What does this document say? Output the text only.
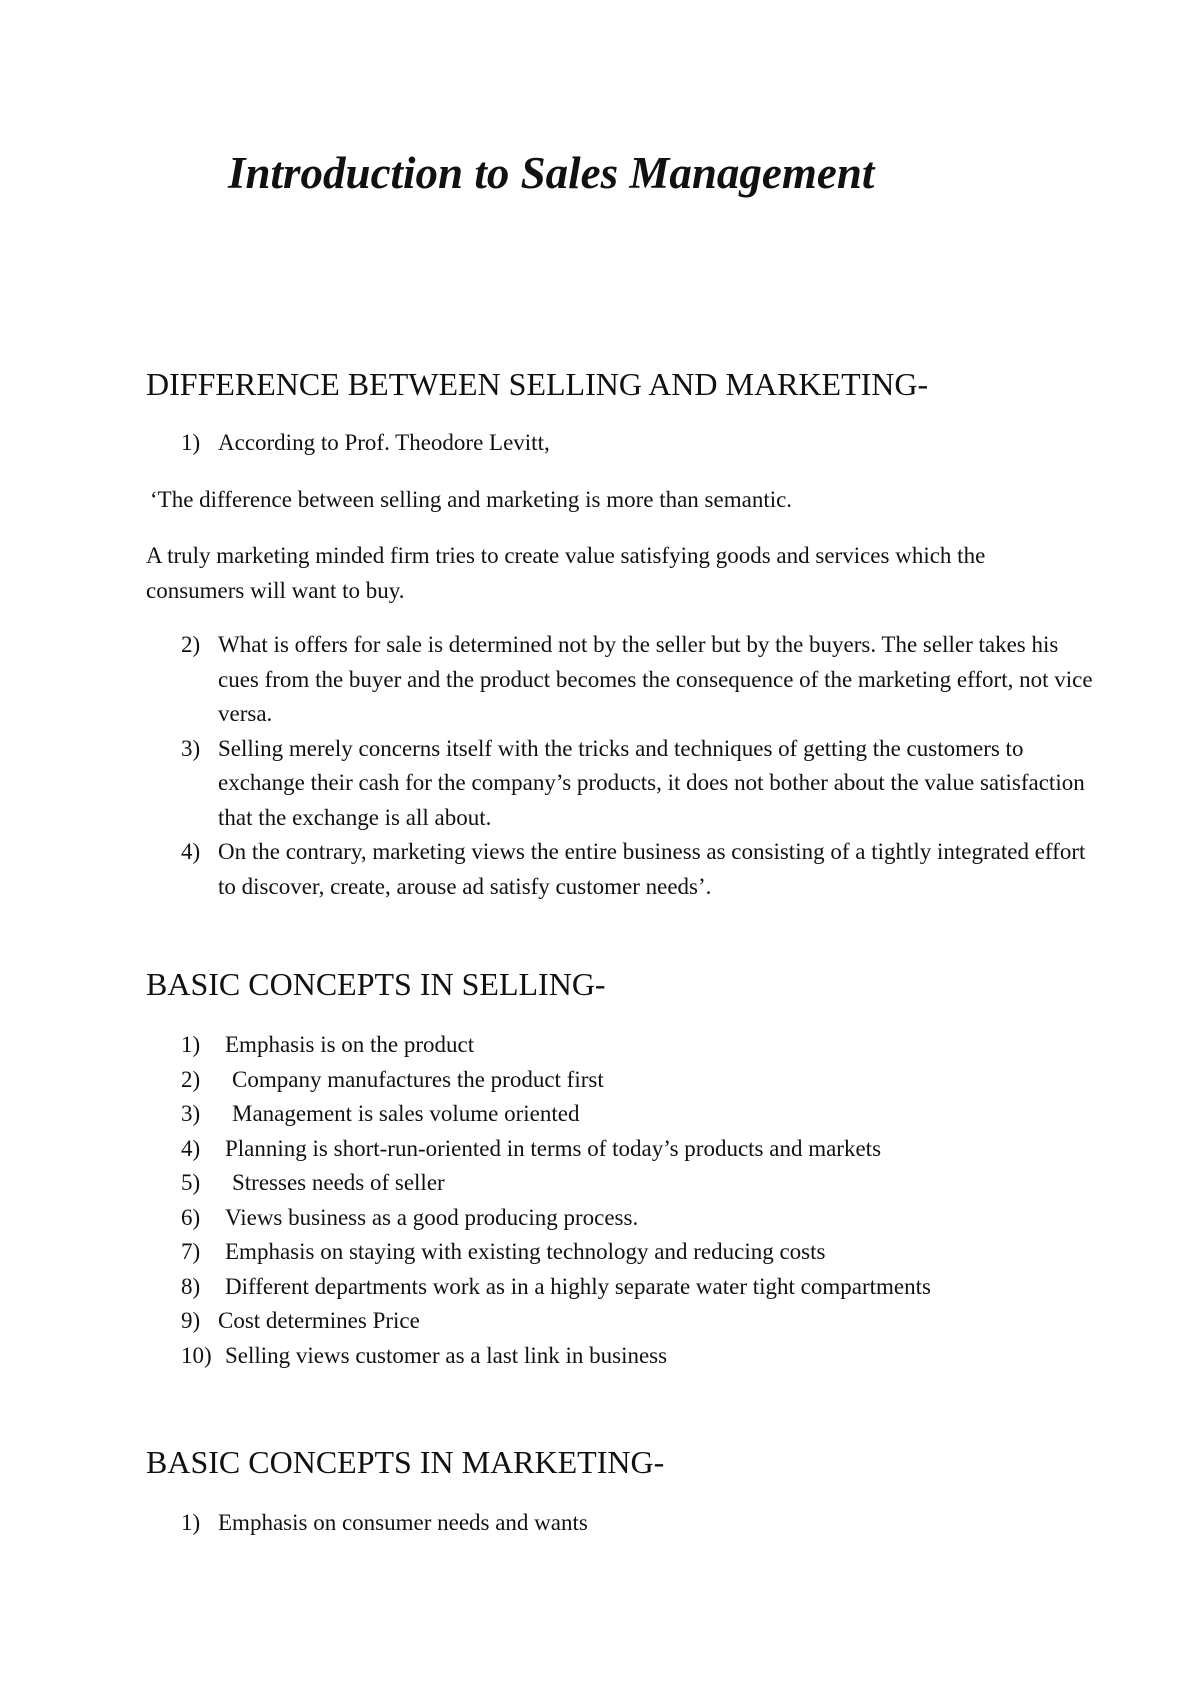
Introduction to Sales Management
DIFFERENCE BETWEEN SELLING AND MARKETING-
1) According to Prof. Theodore Levitt,

‘The difference between selling and marketing is more than semantic.

A truly marketing minded firm tries to create value satisfying goods and services which the consumers will want to buy.

2) What is offers for sale is determined not by the seller but by the buyers. The seller takes his cues from the buyer and the product becomes the consequence of the marketing effort, not vice versa.
3) Selling merely concerns itself with the tricks and techniques of getting the customers to exchange their cash for the company’s products, it does not bother about the value satisfaction that the exchange is all about.
4) On the contrary, marketing views the entire business as consisting of a tightly integrated effort to discover, create, arouse ad satisfy customer needs’.
BASIC CONCEPTS IN SELLING-
1) Emphasis is on the product
2) Company manufactures the product first
3) Management is sales volume oriented
4) Planning is short-run-oriented in terms of today’s products and markets
5) Stresses needs of seller
6) Views business as a good producing process.
7) Emphasis on staying with existing technology and reducing costs
8) Different departments work as in a highly separate water tight compartments
9) Cost determines Price
10) Selling views customer as a last link in business
BASIC CONCEPTS IN MARKETING-
1) Emphasis on consumer needs and wants
